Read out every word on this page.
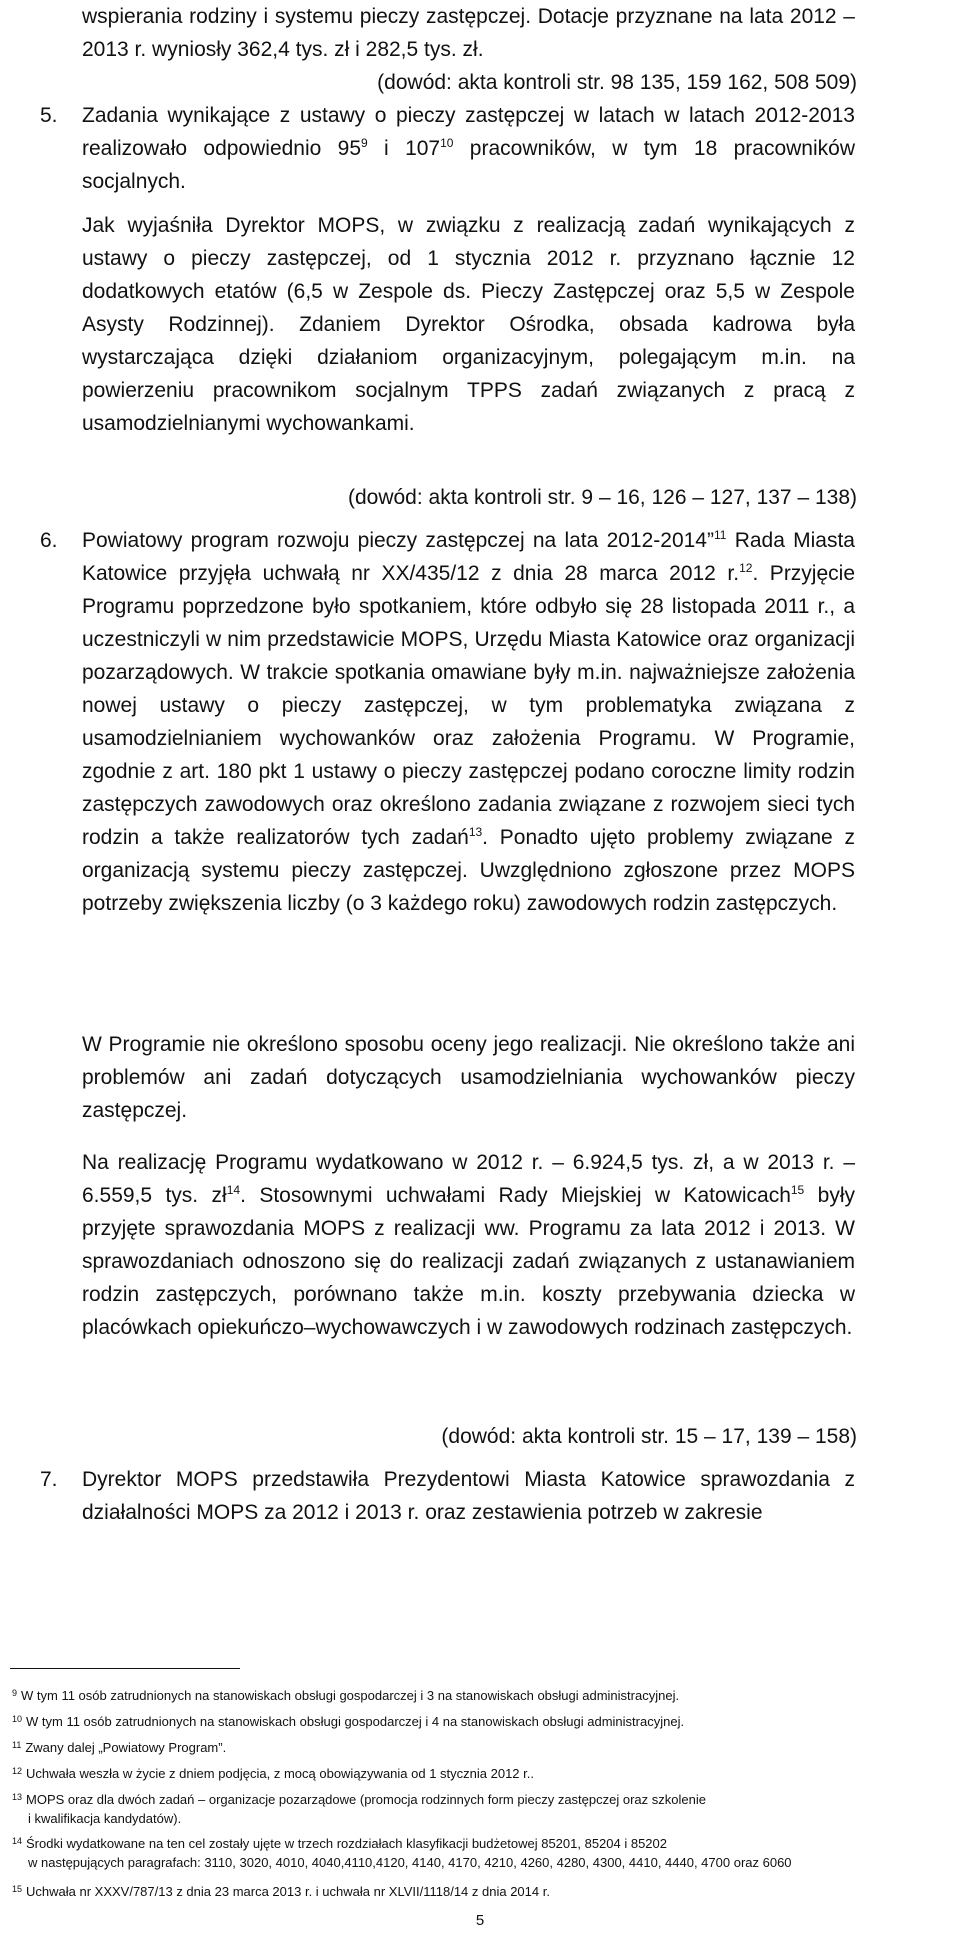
wspierania rodziny i systemu pieczy zastępczej. Dotacje przyznane na lata 2012 – 2013 r. wyniosły 362,4 tys. zł i 282,5 tys. zł.

(dowód: akta kontroli str. 98 135, 159 162, 508 509)

5. Zadania wynikające z ustawy o pieczy zastępczej w latach w latach 2012-2013 realizowało odpowiednio $95^9$ i $107^{10}$ pracowników, w tym 18 pracowników socjalnych.

Jak wyjaśniła Dyrektor MOPS, w związku z realizacją zadań wynikających z ustawy o pieczy zastępczej, od 1 stycznia 2012 r. przyznano łącznie 12 dodatkowych etatów (6,5 w Zespole ds. Pieczy Zastępczej oraz 5,5 w Zespole Asysty Rodzinnej). Zdaniem Dyrektor Ośrodka, obsada kadrowa była wystarczająca dzięki działaniom organizacyjnym, polegającym m.in. na powierzeniu pracownikom socjalnym TPPS zadań związanych z pracą z usamodzielnianymi wychowankami.

(dowód: akta kontroli str. 9 – 16, 126 – 127, 137 – 138)

6. Powiatowy program rozwoju pieczy zastępczej na lata 2012-2014”$^{11}$ Rada Miasta Katowice przyjęła uchwałą nr XX/435/12 z dnia 28 marca 2012 r.$^{12}$. Przyjęcie Programu poprzedzone było spotkaniem, które odbyło się 28 listopada 2011 r., a uczestniczyli w nim przedstawicie MOPS, Urzędu Miasta Katowice oraz organizacji pozarządowych. W trakcie spotkania omawiane były m.in. najważniejsze założenia nowej ustawy o pieczy zastępczej, w tym problematyka związana z usamodzielnianiem wychowanków oraz założenia Programu. W Programie, zgodnie z art. 180 pkt 1 ustawy o pieczy zastępczej podano coroczne limity rodzin zastępczych zawodowych oraz określono zadania związane z rozwojem sieci tych rodzin a także realizatorów tych zadań$^{13}$. Ponadto ujęto problemy związane z organizacją systemu pieczy zastępczej. Uwzględniono zgłoszone przez MOPS potrzeby zwiększenia liczby (o 3 każdego roku) zawodowych rodzin zastępczych.

W Programie nie określono sposobu oceny jego realizacji. Nie określono także ani problemów ani zadań dotyczących usamodzielniania wychowanków pieczy zastępczej.

Na realizację Programu wydatkowano w 2012 r. – 6.924,5 tys. zł, a w 2013 r. – 6.559,5 tys. $zł^{14}$. Stosownymi uchwałami Rady Miejskiej w Katowicach$^{15}$ były przyjęte sprawozdania MOPS z realizacji ww. Programu za lata 2012 i 2013. W sprawozdaniach odnoszono się do realizacji zadań związanych z ustanawianiem rodzin zastępczych, porównano także m.in. koszty przebywania dziecka w placówkach opiekuńczo–wychowawczych i w zawodowych rodzinach zastępczych.

(dowód: akta kontroli str. 15 – 17, 139 – 158)

7. Dyrektor MOPS przedstawiła Prezydentowi Miasta Katowice sprawozdania z działalności MOPS za 2012 i 2013 r. oraz zestawienia potrzeb w zakresie

$^9$ W tym 11 osób zatrudnionych na stanowiskach obsługi gospodarczej i 3 na stanowiskach obsługi administracyjnej.

$^{10}$ W tym 11 osób zatrudnionych na stanowiskach obsługi gospodarczej i 4 na stanowiskach obsługi administracyjnej.

$^{11}$ Zwany dalej „Powiatowy Program”.

$^{12}$ Uchwała weszła w życie z dniem podjęcia, z mocą obowiązywania od 1 stycznia 2012 r..

$^{13}$ MOPS oraz dla dwóch zadań – organizacje pozarządowe (promocja rodzinnych form pieczy zastępczej oraz szkolenie
i kwalifikacja kandydatów).

$^{14}$ Środki wydatkowane na ten cel zostały ujęte w trzech rozdziałach klasyfikacji budżetowej 85201, 85204 i 85202
w następujących paragrafach: 3110, 3020, 4010, 4040,4110,4120, 4140, 4170, 4210, 4260, 4280, 4300, 4410, 4440, 4700 oraz 6060

$^{15}$ Uchwała nr XXXV/787/13 z dnia 23 marca 2013 r. i uchwała nr XLVII/1118/14 z dnia 2014 r.

5
